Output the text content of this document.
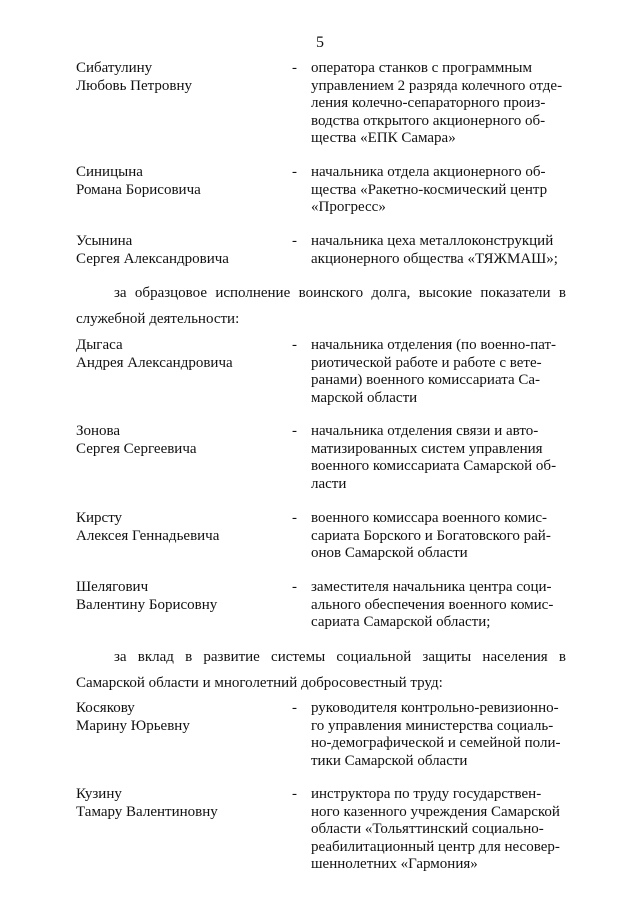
5
Сибатулину
Любовь Петровну
- оператора станков с программным
управлением 2 разряда колечного отде-
ления колечно-сепараторного произ-
водства открытого акционерного об-
щества «ЕПК Самара»
Синицына
Романа Борисовича
- начальника отдела акционерного об-
щества «Ракетно-космический центр
«Прогресс»
Усынина
Сергея Александровича
- начальника цеха металлоконструкций
акционерного общества «ТЯЖМАШ»;
за образцовое исполнение воинского долга, высокие показатели в
служебной деятельности:
Дыгаса
Андрея Александровича
- начальника отделения (по военно-пат-
риотической работе и работе с вете-
ранами) военного комиссариата Са-
марской области
Зонова
Сергея Сергеевича
- начальника отделения связи и авто-
матизированных систем управления
военного комиссариата Самарской об-
ласти
Кирсту
Алексея Геннадьевича
- военного комиссара военного комис-
сариата Борского и Богатовского рай-
онов Самарской области
Шелягович
Валентину Борисовну
- заместителя начальника центра соци-
ального обеспечения военного комис-
сариата Самарской области;
за вклад в развитие системы социальной защиты населения в
Самарской области и многолетний добросовестный труд:
Косякову
Марину Юрьевну
- руководителя контрольно-ревизионно-
го управления министерства социаль-
но-демографической и семейной поли-
тики Самарской области
Кузину
Тамару Валентиновну
- инструктора по труду государствен-
ного казенного учреждения Самарской
области «Тольяттинский социально-
реабилитационный центр для несовер-
шеннолетних «Гармония»
